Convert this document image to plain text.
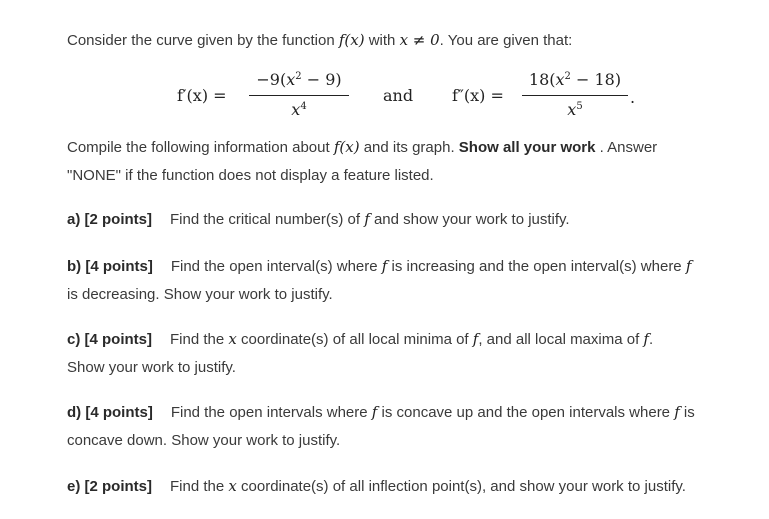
Consider the curve given by the function f(x) with x ≠ 0. You are given that:
f′(x) =
$-9(x^2 - 9)$
$x^4$
and f″(x) =
$18(x^2 - 18)$
$x^5$	.
Compile the following information about f(x) and its graph. Show all your work . Answer
"NONE" if the function does not display a feature listed.
a) [2 points] Find the critical number(s) of f and show your work to justify.
b) [4 points] Find the open interval(s) where f is increasing and the open interval(s) where f
is decreasing. Show your work to justify.
c) [4 points] Find the x coordinate(s) of all local minima of f, and all local maxima of f.
Show your work to justify.
d) [4 points] Find the open intervals where f is concave up and the open intervals where f is
concave down. Show your work to justify.
e) [2 points] Find the x coordinate(s) of all inflection point(s), and show your work to justify.
